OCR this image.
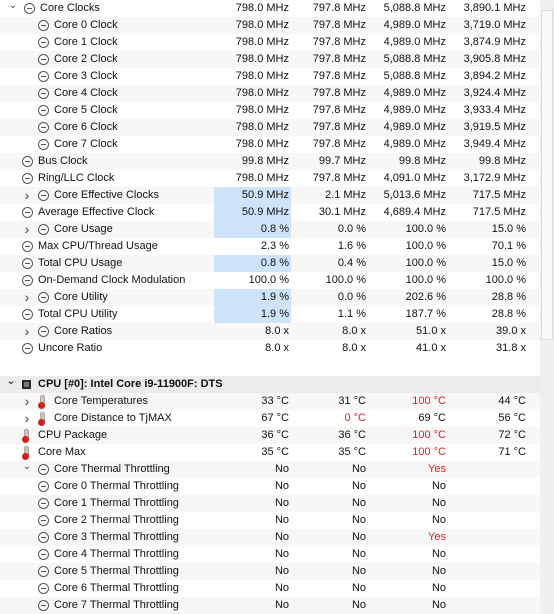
⌄
Core Clocks	798.0 MHz	797.8 MHz	5,088.8 MHz	3,890.1 MHz
Core 0 Clock	798.0 MHz	797.8 MHz	4,989.0 MHz	3,719.0 MHz
Core 1 Clock	798.0 MHz	797.8 MHz	4,989.0 MHz	3,874.9 MHz
Core 2 Clock	798.0 MHz	797.8 MHz	5,088.8 MHz	3,905.8 MHz
Core 3 Clock	798.0 MHz	797.8 MHz	5,088.8 MHz	3,894.2 MHz
Core 4 Clock	798.0 MHz	797.8 MHz	4,989.0 MHz	3,924.4 MHz
Core 5 Clock	798.0 MHz	797.8 MHz	4,989.0 MHz	3,933.4 MHz
Core 6 Clock	798.0 MHz	797.8 MHz	4,989.0 MHz	3,919.5 MHz
Core 7 Clock	798.0 MHz	797.8 MHz	4,989.0 MHz	3,949.4 MHz
Bus Clock	99.8 MHz	99.7 MHz	99.8 MHz	99.8 MHz
Ring/LLC Clock	798.0 MHz	797.8 MHz	4,091.0 MHz	3,172.9 MHz
›
Core Effective Clocks	50.9 MHz	2.1 MHz	5,013.6 MHz	717.5 MHz
Average Effective Clock	50.9 MHz	30.1 MHz	4,689.4 MHz	717.5 MHz
›
Core Usage	0.8 %	0.0 %	100.0 %	15.0 %
Max CPU/Thread Usage	2.3 %	1.6 %	100.0 %	70.1 %
Total CPU Usage	0.8 %	0.4 %	100.0 %	15.0 %
On-Demand Clock Modulation	100.0 %	100.0 %	100.0 %	100.0 %
›
Core Utility	1.9 %	0.0 %	202.6 %	28.8 %
Total CPU Utility	1.9 %	1.1 %	187.7 %	28.8 %
›
Core Ratios	8.0 x	8.0 x	51.0 x	39.0 x
Uncore Ratio	8.0 x	8.0 x	41.0 x	31.8 x
⌄
CPU [#0]: Intel Core i9-11900F: DTS
›
Core Temperatures	33 °C	31 °C	100 °C	44 °C
›
Core Distance to TjMAX	67 °C	0 °C	69 °C	56 °C
CPU Package	36 °C	36 °C	100 °C	72 °C
Core Max	35 °C	35 °C	100 °C	71 °C
⌄
Core Thermal Throttling	No	No	Yes
Core 0 Thermal Throttling	No	No	No
Core 1 Thermal Throttling	No	No	No
Core 2 Thermal Throttling	No	No	No
Core 3 Thermal Throttling	No	No	Yes
Core 4 Thermal Throttling	No	No	No
Core 5 Thermal Throttling	No	No	No
Core 6 Thermal Throttling	No	No	No
Core 7 Thermal Throttling	No	No	No
